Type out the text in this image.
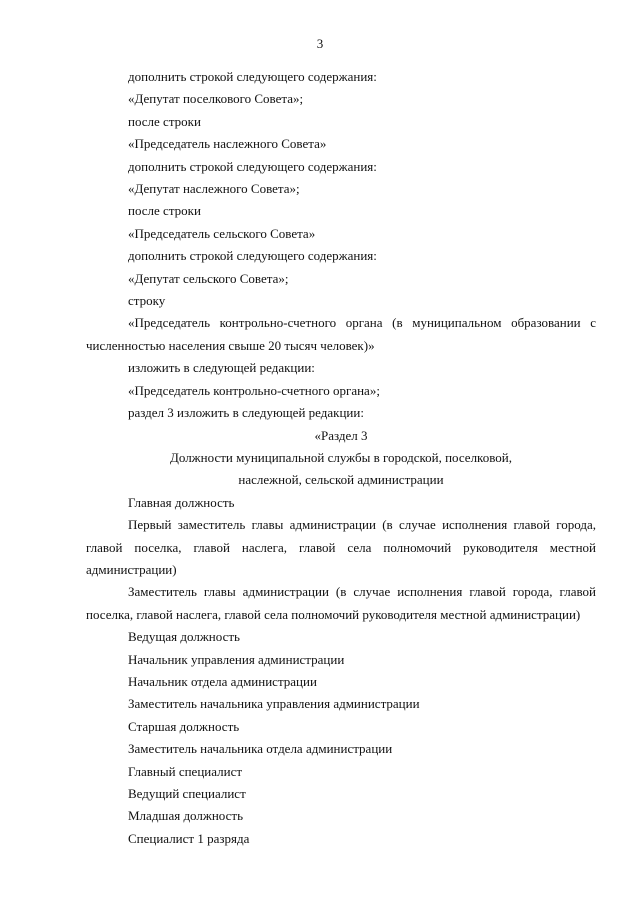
3
дополнить строкой следующего содержания:
«Депутат поселкового Совета»;
после строки
«Председатель наслежного Совета»
дополнить строкой следующего содержания:
«Депутат наслежного Совета»;
после строки
«Председатель сельского Совета»
дополнить строкой следующего содержания:
«Депутат сельского Совета»;
строку
«Председатель контрольно-счетного органа (в муниципальном образовании с численностью населения свыше 20 тысяч человек)»
изложить в следующей редакции:
«Председатель контрольно-счетного органа»;
раздел 3 изложить в следующей редакции:
«Раздел 3
Должности муниципальной службы в городской, поселковой,
наслежной, сельской администрации
Главная должность
Первый заместитель главы администрации (в случае исполнения главой города, главой поселка, главой наслега, главой села полномочий руководителя местной администрации)
Заместитель главы администрации (в случае исполнения главой города, главой поселка, главой наслега, главой села полномочий руководителя местной администрации)
Ведущая должность
Начальник управления администрации
Начальник отдела администрации
Заместитель начальника управления администрации
Старшая должность
Заместитель начальника отдела администрации
Главный специалист
Ведущий специалист
Младшая должность
Специалист 1 разряда
